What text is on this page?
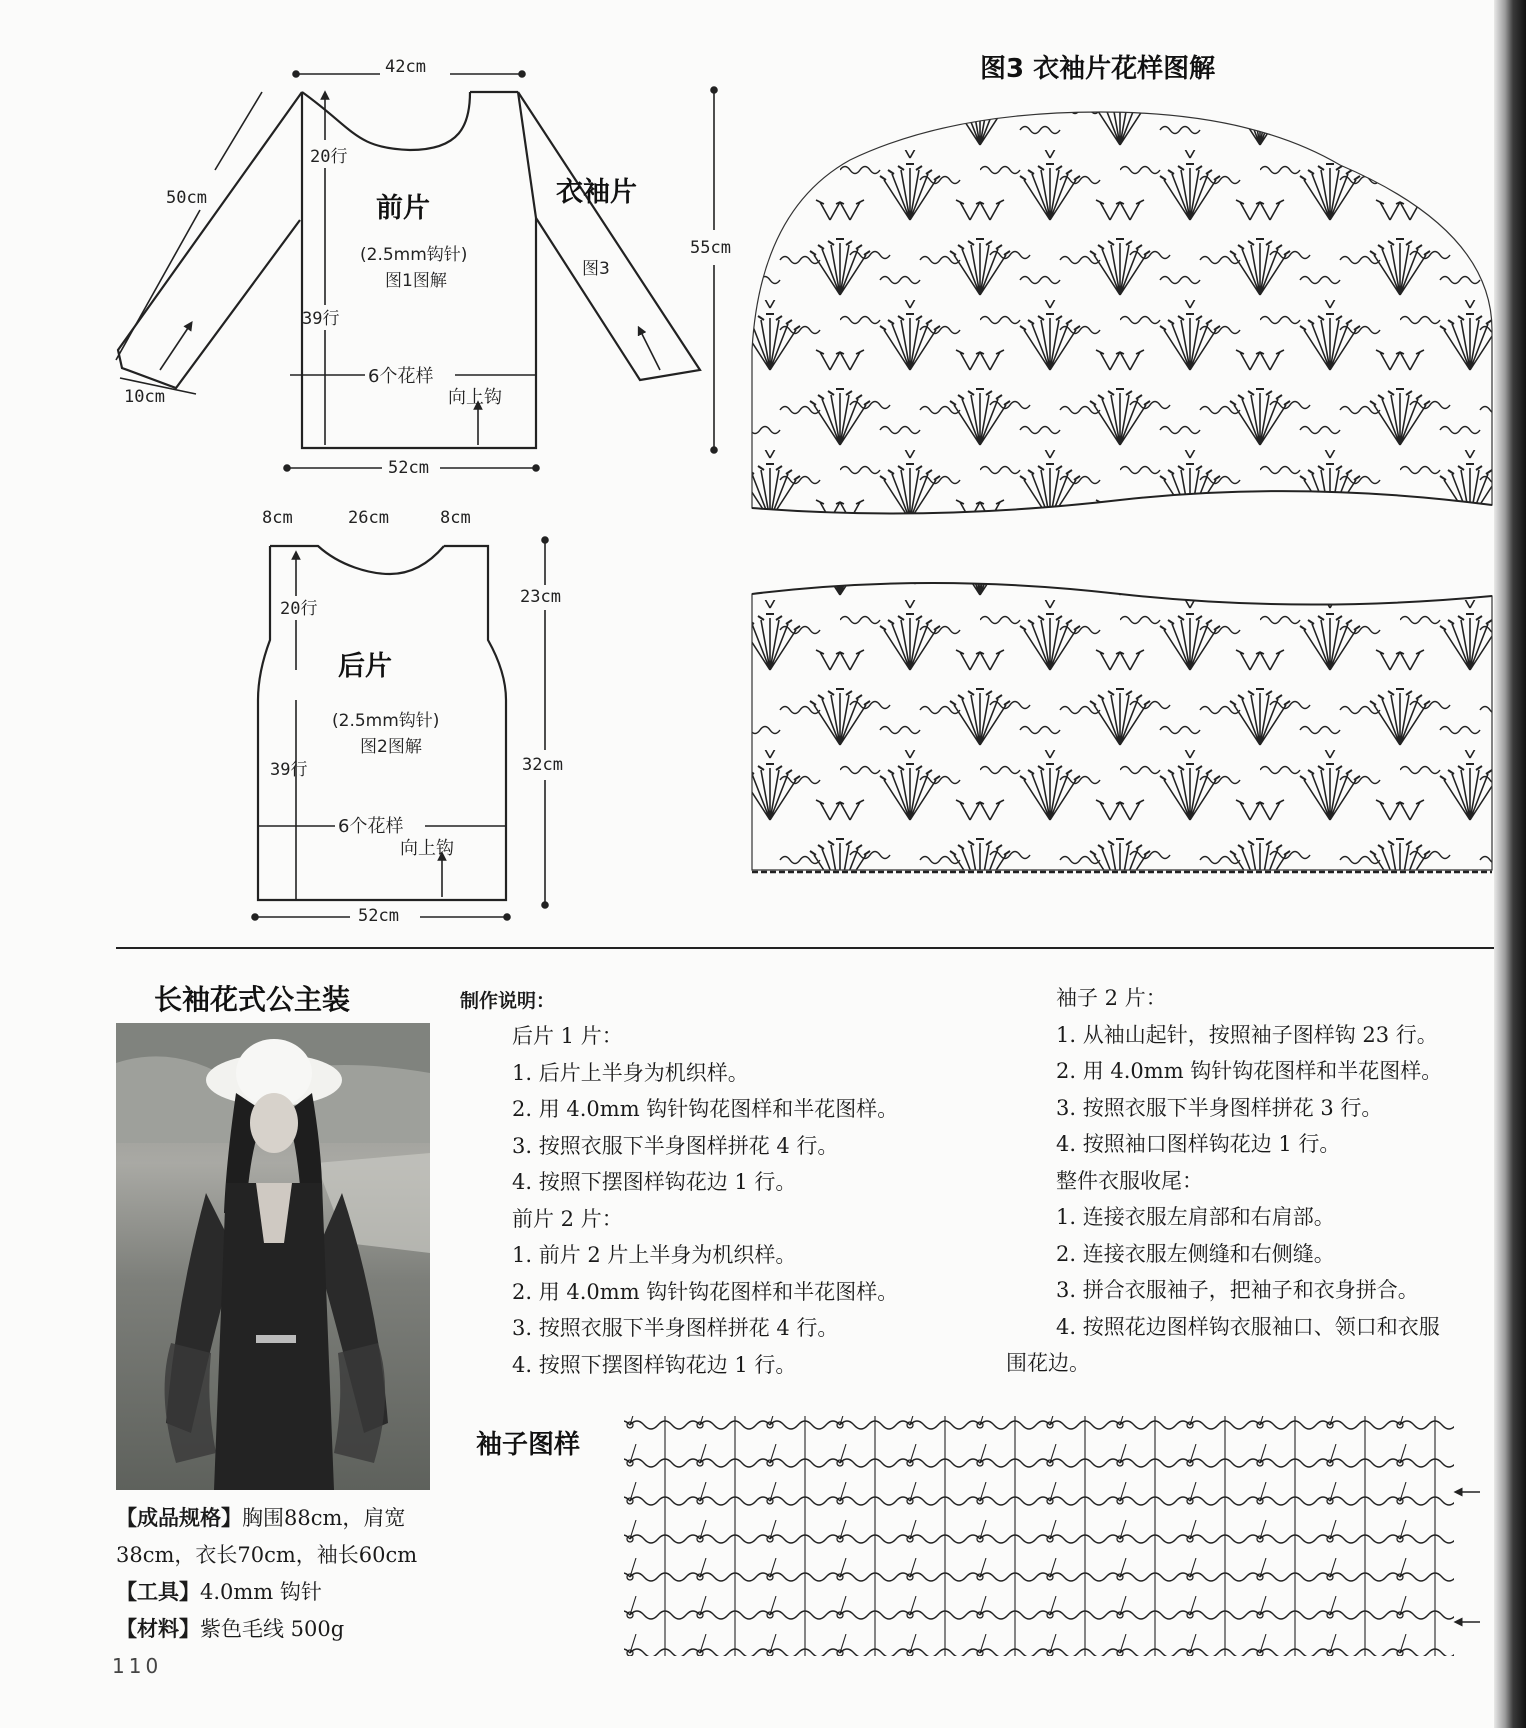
42cm
20行
前片
(2.5mm钩针)
图1图解
39行
6个花样
向上钩
52cm
衣袖片
图3
50cm
10cm
55cm
8cm	26cm	8cm
20行
后片
(2.5mm钩针)
图2图解
39行
23cm
32cm
6个花样
向上钩
52cm
图3 衣袖片花样图解
长袖花式公主装
【成品规格】胸围88cm，肩宽
38cm，衣长70cm，袖长60cm
【工具】4.0mm 钩针
【材料】紫色毛线 500g
110
制作说明：
后片 1 片：
1. 后片上半身为机织样。
2. 用 4.0mm 钩针钩花图样和半花图样。
3. 按照衣服下半身图样拼花 4 行。
4. 按照下摆图样钩花边 1 行。
前片 2 片：
1. 前片 2 片上半身为机织样。
2. 用 4.0mm 钩针钩花图样和半花图样。
3. 按照衣服下半身图样拼花 4 行。
4. 按照下摆图样钩花边 1 行。
袖子 2 片：
1. 从袖山起针，按照袖子图样钩 23 行。
2. 用 4.0mm 钩针钩花图样和半花图样。
3. 按照衣服下半身图样拼花 3 行。
4. 按照袖口图样钩花边 1 行。
整件衣服收尾：
1. 连接衣服左肩部和右肩部。
2. 连接衣服左侧缝和右侧缝。
3. 拼合衣服袖子，把袖子和衣身拼合。
4. 按照花边图样钩衣服袖口、领口和衣服
围花边。
袖子图样
